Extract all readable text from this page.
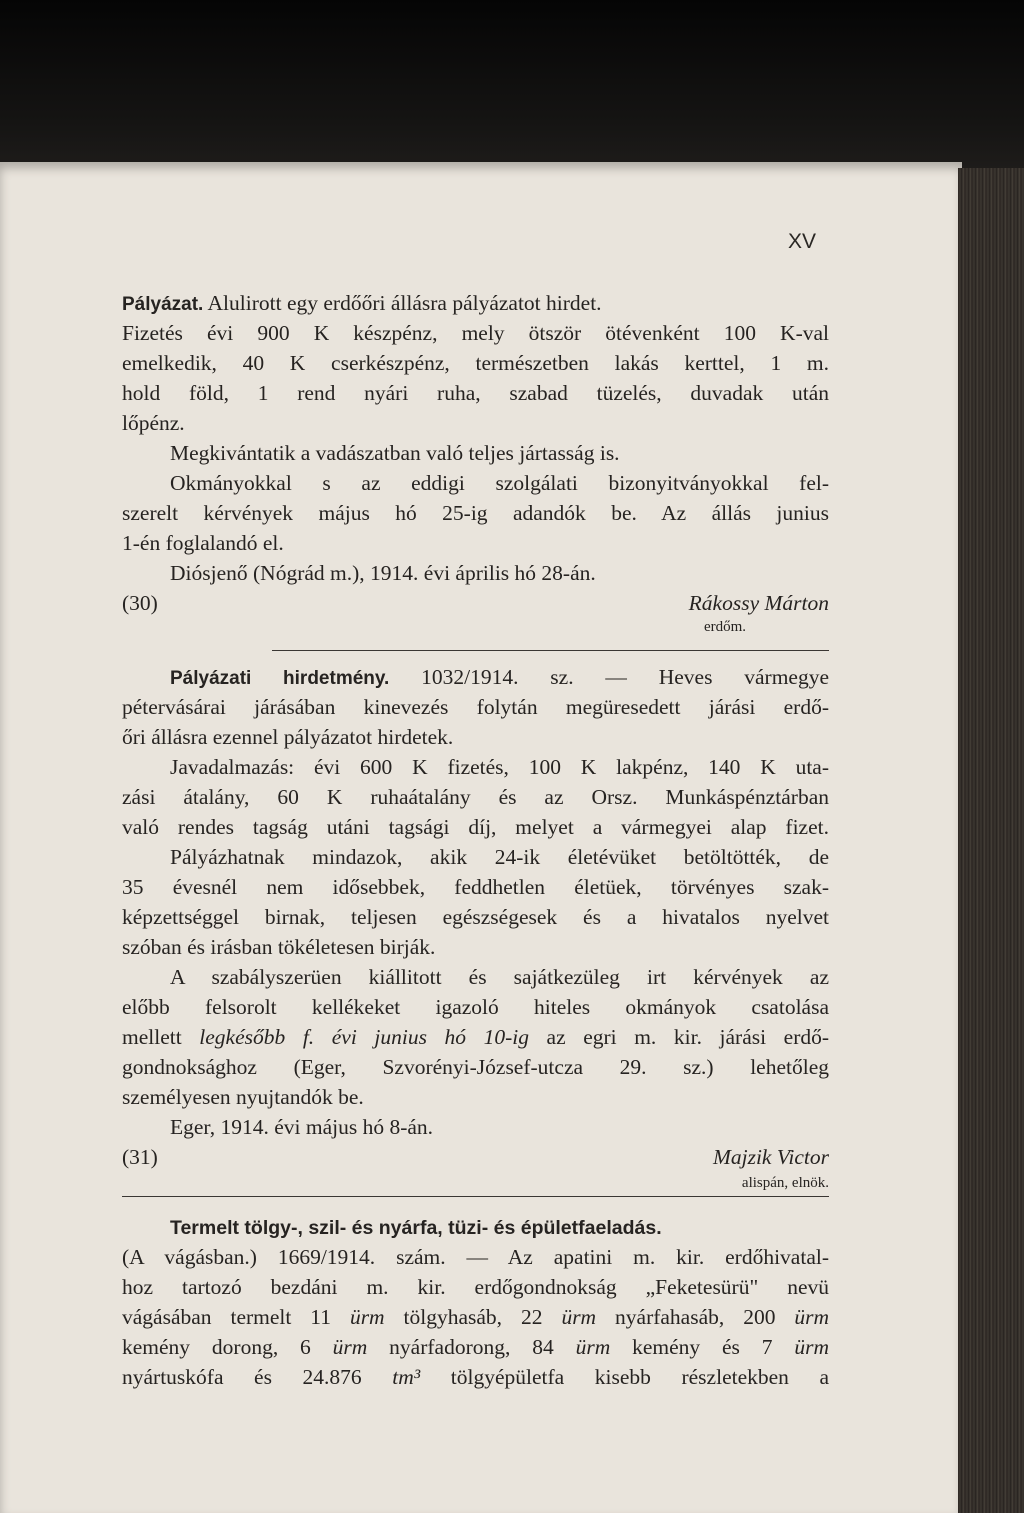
XV
Pályázat. Alulirott egy erdőőri állásra pályázatot hirdet.
Fizetés évi 900 K készpénz, mely ötször ötévenként 100 K-val
emelkedik, 40 K cserkészpénz, természetben lakás kerttel, 1 m.
hold föld, 1 rend nyári ruha, szabad tüzelés, duvadak után
lőpénz.
Megkivántatik a vadászatban való teljes jártasság is.
Okmányokkal s az eddigi szolgálati bizonyitványokkal fel-
szerelt kérvények május hó 25-ig adandók be. Az állás junius
1-én foglalandó el.
Diósjenő (Nógrád m.), 1914. évi április hó 28-án.
(30)	Rákossy Márton
erdőm.
Pályázati hirdetmény. 1032/1914. sz. — Heves vármegye
pétervásárai járásában kinevezés folytán megüresedett járási erdő-
őri állásra ezennel pályázatot hirdetek.
Javadalmazás: évi 600 K fizetés, 100 K lakpénz, 140 K uta-
zási átalány, 60 K ruhaátalány és az Orsz. Munkáspénztárban
való rendes tagság utáni tagsági díj, melyet a vármegyei alap fizet.
Pályázhatnak mindazok, akik 24-ik életévüket betöltötték, de
35 évesnél nem idősebbek, feddhetlen életüek, törvényes szak-
képzettséggel birnak, teljesen egészségesek és a hivatalos nyelvet
szóban és irásban tökéletesen birják.
A szabályszerüen kiállitott és sajátkezüleg irt kérvények az
előbb felsorolt kellékeket igazoló hiteles okmányok csatolása
mellett legkésőbb f. évi junius hó 10-ig az egri m. kir. járási erdő-
gondnoksághoz (Eger, Szvorényi-József-utcza 29. sz.) lehetőleg
személyesen nyujtandók be.
Eger, 1914. évi május hó 8-án.
(31)	Majzik Victor
alispán, elnök.
Termelt tölgy-, szil- és nyárfa, tüzi- és épületfaeladás.
(A vágásban.) 1669/1914. szám. — Az apatini m. kir. erdőhivatal-
hoz tartozó bezdáni m. kir. erdőgondnokság „Feketesürü" nevü
vágásában termelt 11 ürm tölgyhasáb, 22 ürm nyárfahasáb, 200 ürm
kemény dorong, 6 ürm nyárfadorong, 84 ürm kemény és 7 ürm
nyártuskófa és 24.876 tm³ tölgyépületfa kisebb részletekben a
